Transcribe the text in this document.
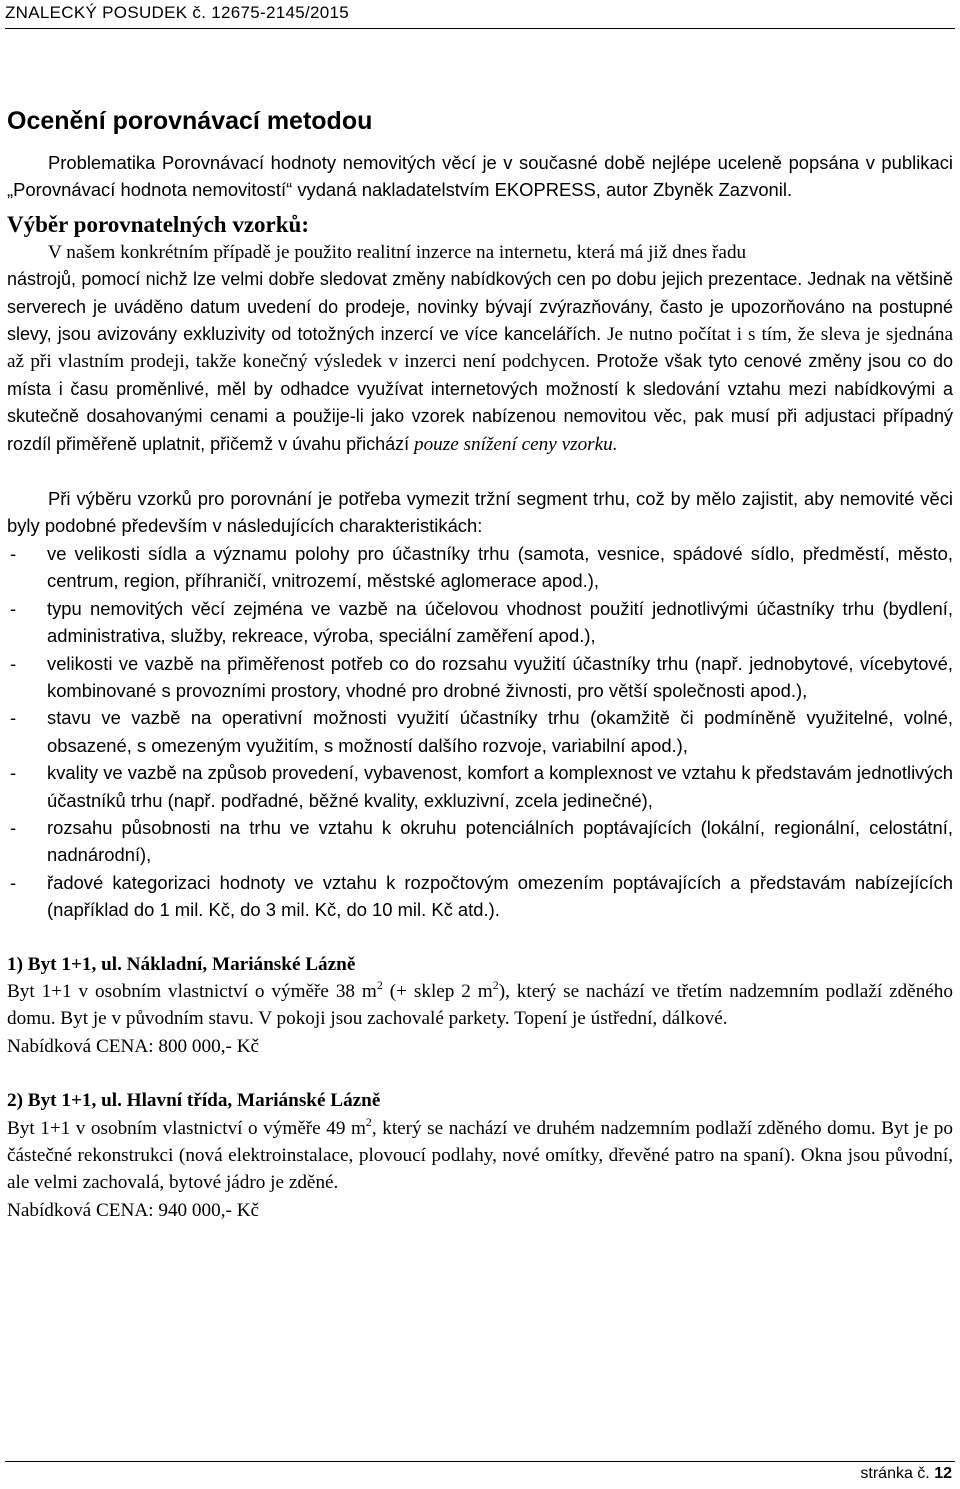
ZNALECKÝ POSUDEK č. 12675-2145/2015
Ocenění porovnávací metodou

Problematika Porovnávací hodnoty nemovitých věcí je v současné době nejlépe uceleně popsána v publikaci „Porovnávací hodnota nemovitostí“ vydaná nakladatelstvím EKOPRESS, autor Zbyněk Zazvonil.

Výběr porovnatelných vzorků:

V našem konkrétním případě je použito realitní inzerce na internetu, která má již dnes řadu
nástrojů, pomocí nichž lze velmi dobře sledovat změny nabídkových cen po dobu jejich prezentace. Jednak na většině serverech je uváděno datum uvedení do prodeje, novinky bývají zvýrazňovány, často je upozorňováno na postupné slevy, jsou avizovány exkluzivity od totožných inzercí ve více kancelářích. Je nutno počítat i s tím, že sleva je sjednána až při vlastním prodeji, takže konečný výsledek v inzerci není podchycen. Protože však tyto cenové změny jsou co do místa i času proměnlivé, měl by odhadce využívat internetových možností k sledování vztahu mezi nabídkovými a skutečně dosahovanými cenami a použije-li jako vzorek nabízenou nemovitou věc, pak musí při adjustaci případný rozdíl přiměřeně uplatnit, přičemž v úvahu přichází pouze snížení ceny vzorku.

Při výběru vzorků pro porovnání je potřeba vymezit tržní segment trhu, což by mělo zajistit, aby nemovité věci byly podobné především v následujících charakteristikách:

- ve velikosti sídla a významu polohy pro účastníky trhu (samota, vesnice, spádové sídlo, předměstí, město, centrum, region, příhraničí, vnitrozemí, městské aglomerace apod.),
- typu nemovitých věcí zejména ve vazbě na účelovou vhodnost použití jednotlivými účastníky trhu (bydlení, administrativa, služby, rekreace, výroba, speciální zaměření apod.),
- velikosti ve vazbě na přiměřenost potřeb co do rozsahu využití účastníky trhu (např. jednobytové, vícebytové, kombinované s provozními prostory, vhodné pro drobné živnosti, pro větší společnosti apod.),
- stavu ve vazbě na operativní možnosti využití účastníky trhu (okamžitě či podmíněně využitelné, volné, obsazené, s omezeným využitím, s možností dalšího rozvoje, variabilní apod.),
- kvality ve vazbě na způsob provedení, vybavenost, komfort a komplexnost ve vztahu k představám jednotlivých účastníků trhu (např. podřadné, běžné kvality, exkluzivní, zcela jedinečné),
- rozsahu působnosti na trhu ve vztahu k okruhu potenciálních poptávajících (lokální, regionální, celostátní, nadnárodní),
- řadové kategorizaci hodnoty ve vztahu k rozpočtovým omezením poptávajících a představám nabízejících (například do 1 mil. Kč, do 3 mil. Kč, do 10 mil. Kč atd.).
1) Byt 1+1, ul. Nákladní, Mariánské Lázně

Byt 1+1 v osobním vlastnictví o výměře 38 $m^2$ (+ sklep 2 $m^2$), který se nachází ve třetím nadzemním podlaží zděného domu. Byt je v původním stavu. V pokoji jsou zachovalé parkety. Topení je ústřední, dálkové.

Nabídková CENA: 800 000,- Kč

2) Byt 1+1, ul. Hlavní třída, Mariánské Lázně

Byt 1+1 v osobním vlastnictví o výměře 49 $m^2$, který se nachází ve druhém nadzemním podlaží zděného domu. Byt je po částečné rekonstrukci (nová elektroinstalace, plovoucí podlahy, nové omítky, dřevěné patro na spaní). Okna jsou původní, ale velmi zachovalá, bytové jádro je zděné.

Nabídková CENA: 940 000,- Kč

stránka č. 12
